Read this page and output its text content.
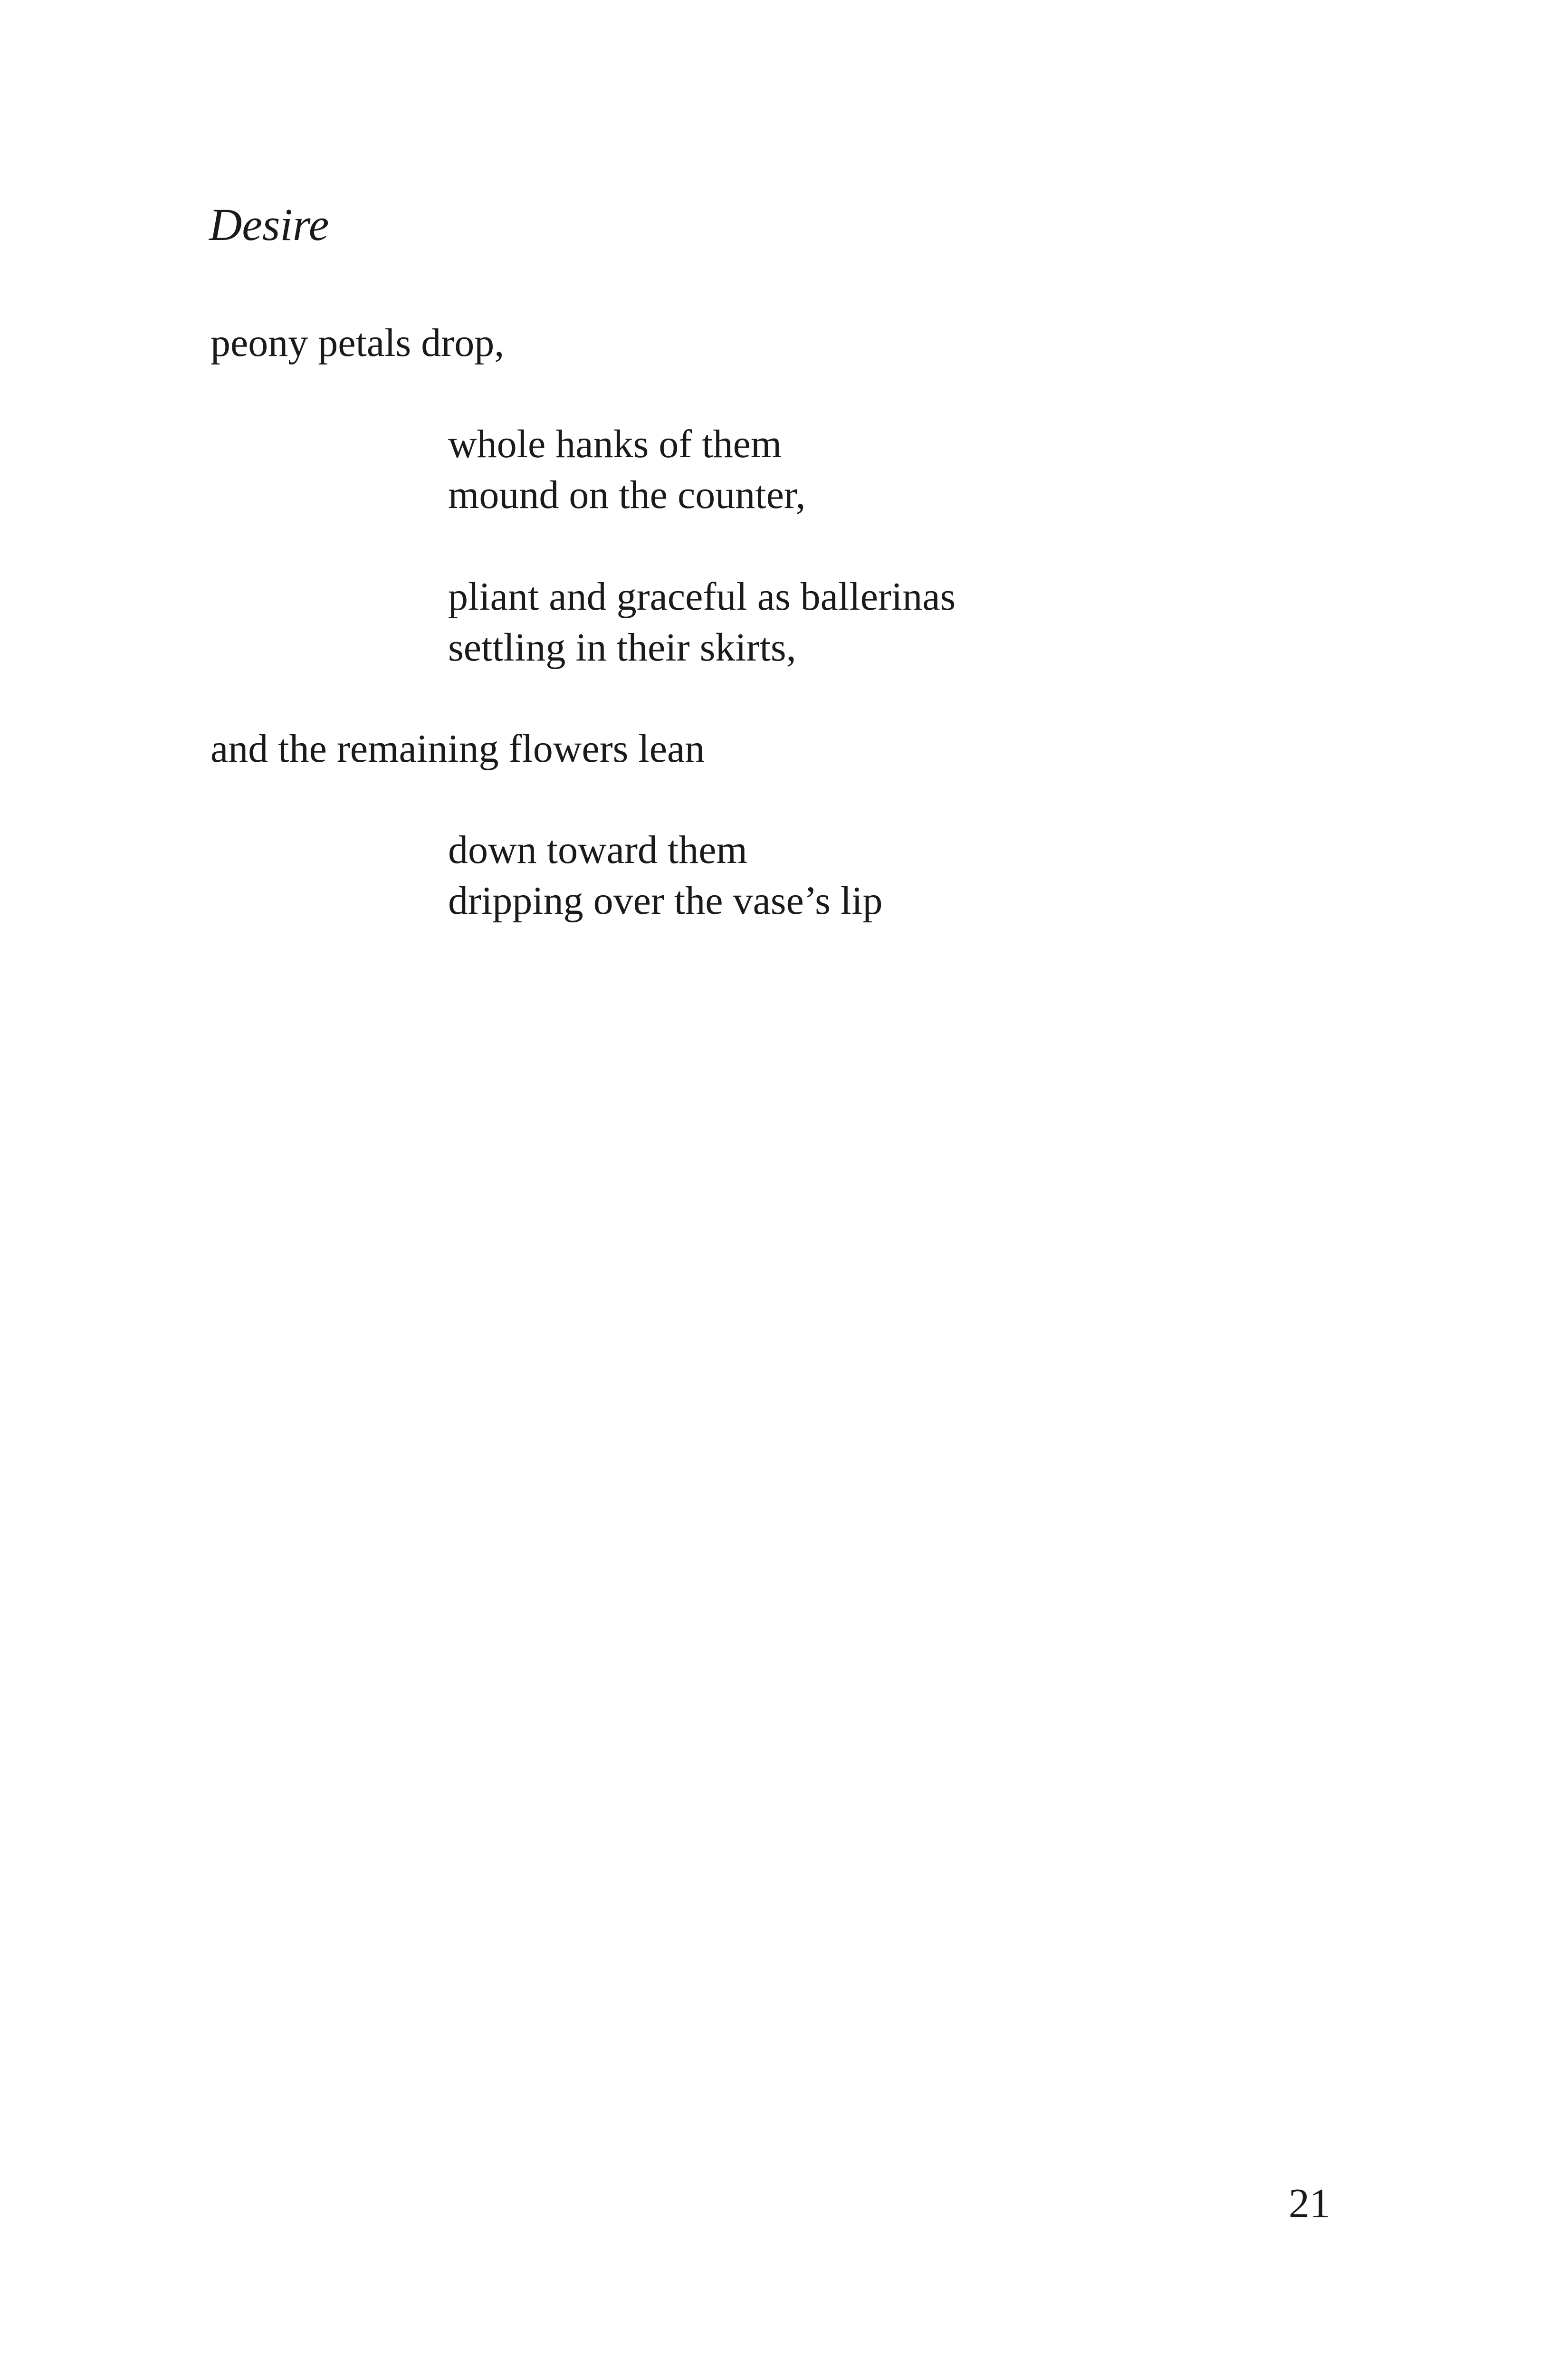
Desire

peony petals drop,

whole hanks of them

mound on the counter,

pliant and graceful as ballerinas

settling in their skirts,

and the remaining flowers lean

down toward them

dripping over the vase’s lip

21
